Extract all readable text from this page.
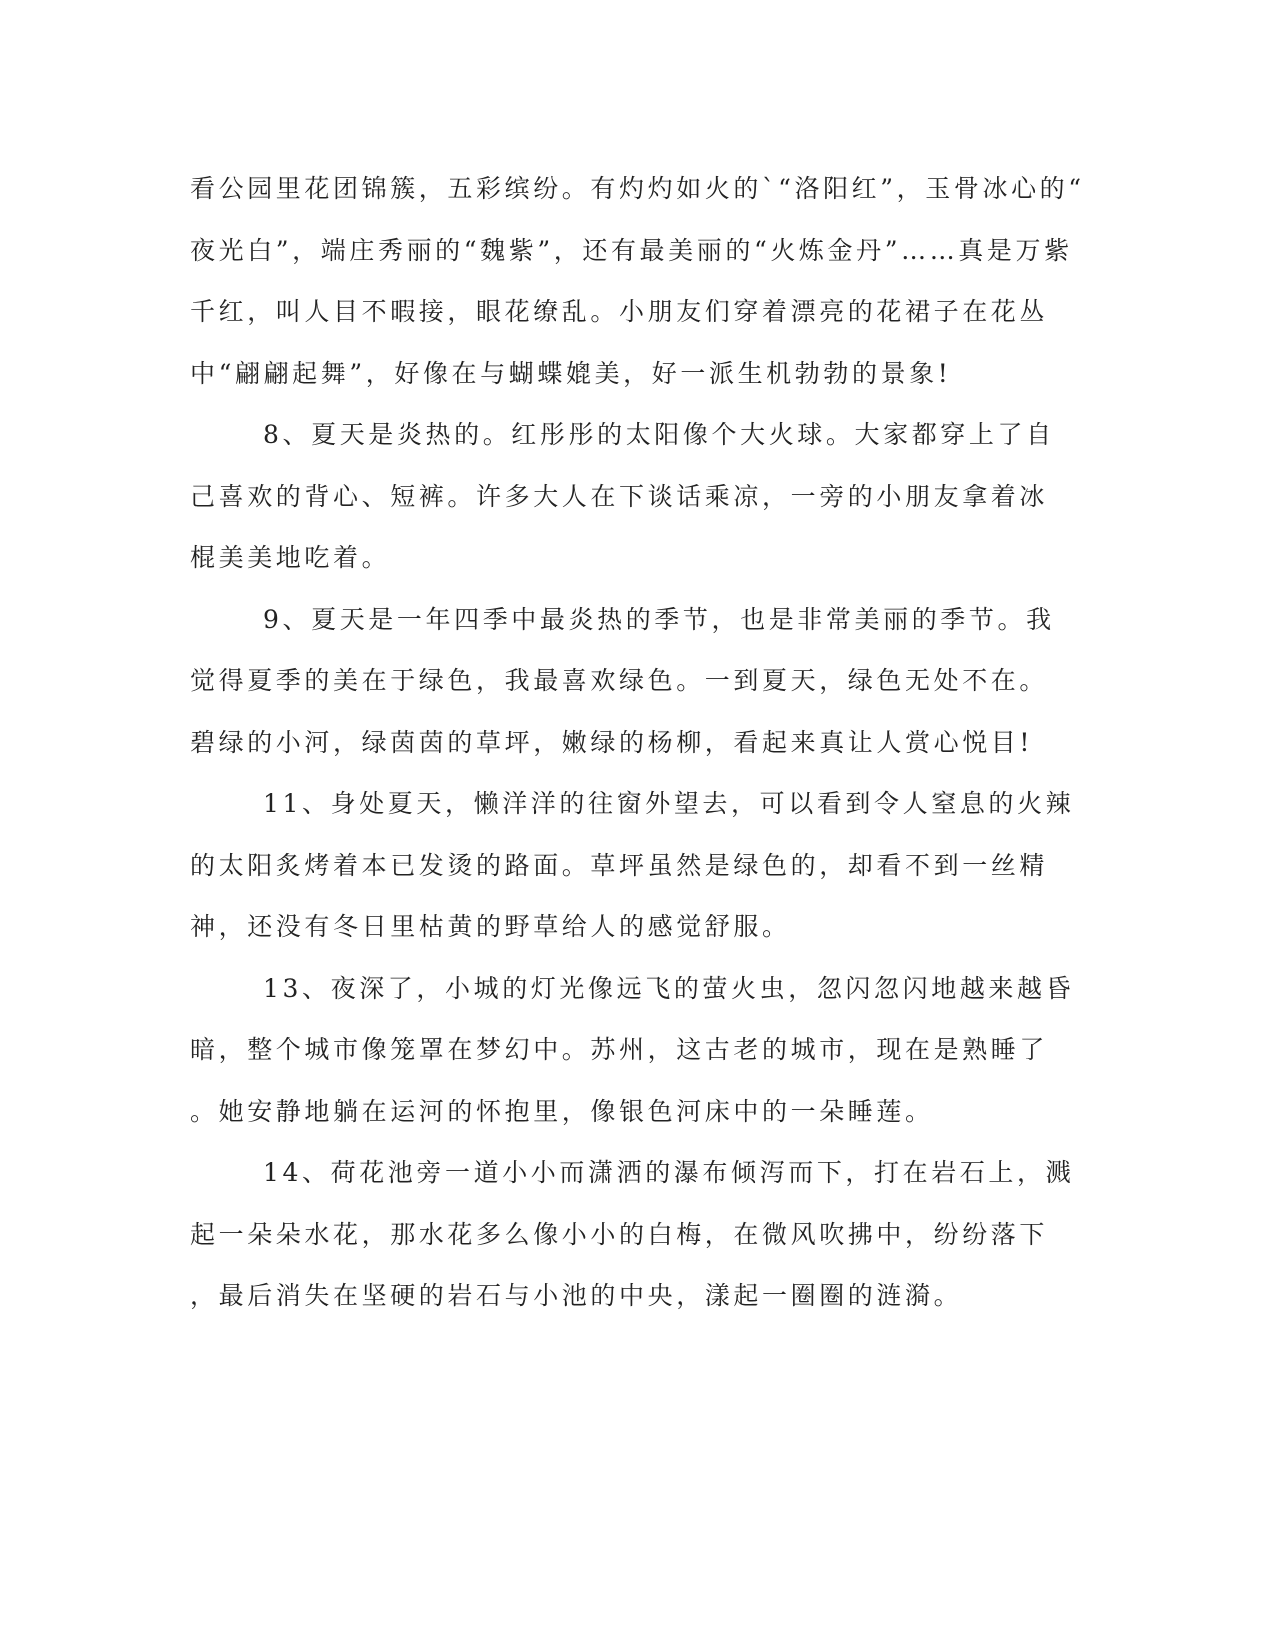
看公园里花团锦簇，五彩缤纷。有灼灼如火的`“洛阳红”，玉骨冰心的“
夜光白”，端庄秀丽的“魏紫”，还有最美丽的“火炼金丹”……真是万紫
千红，叫人目不暇接，眼花缭乱。小朋友们穿着漂亮的花裙子在花丛
中“翩翩起舞”，好像在与蝴蝶媲美，好一派生机勃勃的景象!
8、夏天是炎热的。红彤彤的太阳像个大火球。大家都穿上了自
己喜欢的背心、短裤。许多大人在下谈话乘凉，一旁的小朋友拿着冰
棍美美地吃着。
9、夏天是一年四季中最炎热的季节，也是非常美丽的季节。我
觉得夏季的美在于绿色，我最喜欢绿色。一到夏天，绿色无处不在。
碧绿的小河，绿茵茵的草坪，嫩绿的杨柳，看起来真让人赏心悦目!
11、身处夏天，懒洋洋的往窗外望去，可以看到令人窒息的火辣
的太阳炙烤着本已发烫的路面。草坪虽然是绿色的，却看不到一丝精
神，还没有冬日里枯黄的野草给人的感觉舒服。
13、夜深了，小城的灯光像远飞的萤火虫，忽闪忽闪地越来越昏
暗，整个城市像笼罩在梦幻中。苏州，这古老的城市，现在是熟睡了
。她安静地躺在运河的怀抱里，像银色河床中的一朵睡莲。
14、荷花池旁一道小小而潇洒的瀑布倾泻而下，打在岩石上，溅
起一朵朵水花，那水花多么像小小的白梅，在微风吹拂中，纷纷落下
，最后消失在坚硬的岩石与小池的中央，漾起一圈圈的涟漪。
